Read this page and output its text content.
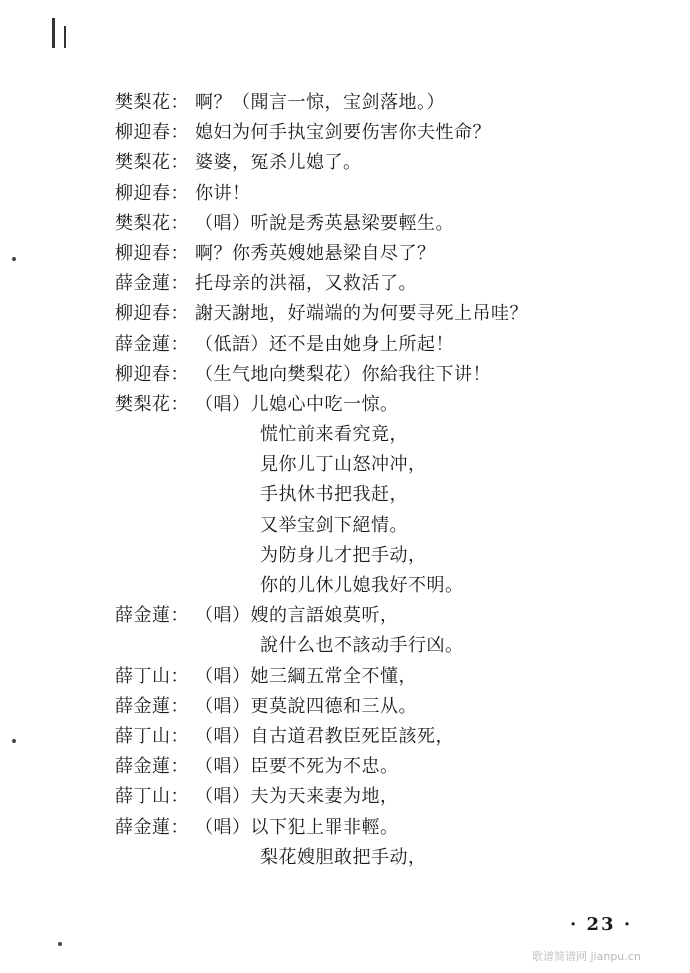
樊梨花： 啊？（聞言一惊，宝剑落地。）
柳迎春： 媳妇为何手执宝剑要伤害你夫性命？
樊梨花： 婆婆，冤杀儿媳了。
柳迎春： 你讲！
樊梨花： （唱）听說是秀英悬梁要輕生。
柳迎春： 啊？你秀英嫂她悬梁自尽了？
薛金蓮： 托母亲的洪福，又救活了。
柳迎春： 謝天謝地，好端端的为何要寻死上吊哇？
薛金蓮： （低語）还不是由她身上所起！
柳迎春： （生气地向樊梨花）你給我往下讲！
樊梨花： （唱）儿媳心中吃一惊。
慌忙前来看究竟，
見你儿丁山怒冲冲，
手执休书把我赶，
又举宝剑下絕情。
为防身儿才把手动，
你的儿休儿媳我好不明。
薛金蓮： （唱）嫂的言語娘莫听，
說什么也不該动手行凶。
薛丁山： （唱）她三綱五常全不懂，
薛金蓮： （唱）更莫說四德和三从。
薛丁山： （唱）自古道君教臣死臣該死，
薛金蓮： （唱）臣要不死为不忠。
薛丁山： （唱）夫为天来妻为地，
薛金蓮： （唱）以下犯上罪非輕。
梨花嫂胆敢把手动，
· 23 ·
歌谱简谱网 jianpu.cn
